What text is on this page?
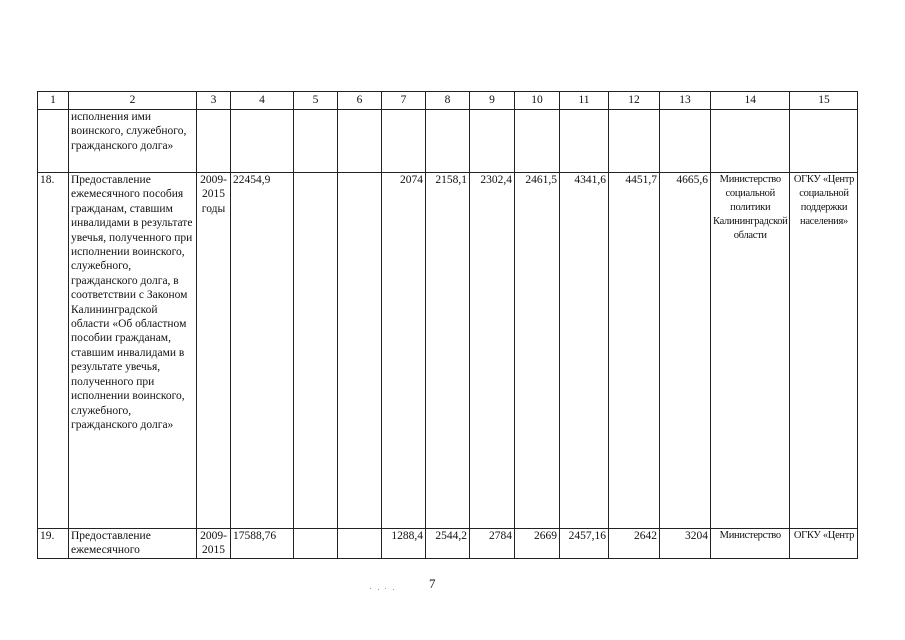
1	2	3	4	5	6	7	8	9	10	11	12	13	14	15
	исполнения ими воинского, служебного, гражданского долга»													
18.	Предоставление ежемесячного пособия гражданам, ставшим инвалидами в результате увечья, полученного при исполнении воинского, служебного, гражданского долга, в соответствии с Законом Калининградской области «Об областном пособии гражданам, ставшим инвалидами в результате увечья, полученного при исполнении воинского, служебного, гражданского долга»	2009-2015 годы	22454,9			2074	2158,1	2302,4	2461,5	4341,6	4451,7	4665,6	Министерство социальной политики Калининградской области	ОГКУ «Центр социальной поддержки населения»
19.	Предоставление ежемесячного	2009-2015	17588,76			1288,4	2544,2	2784	2669	2457,16	2642	3204	Министерство	ОГКУ «Центр
7
